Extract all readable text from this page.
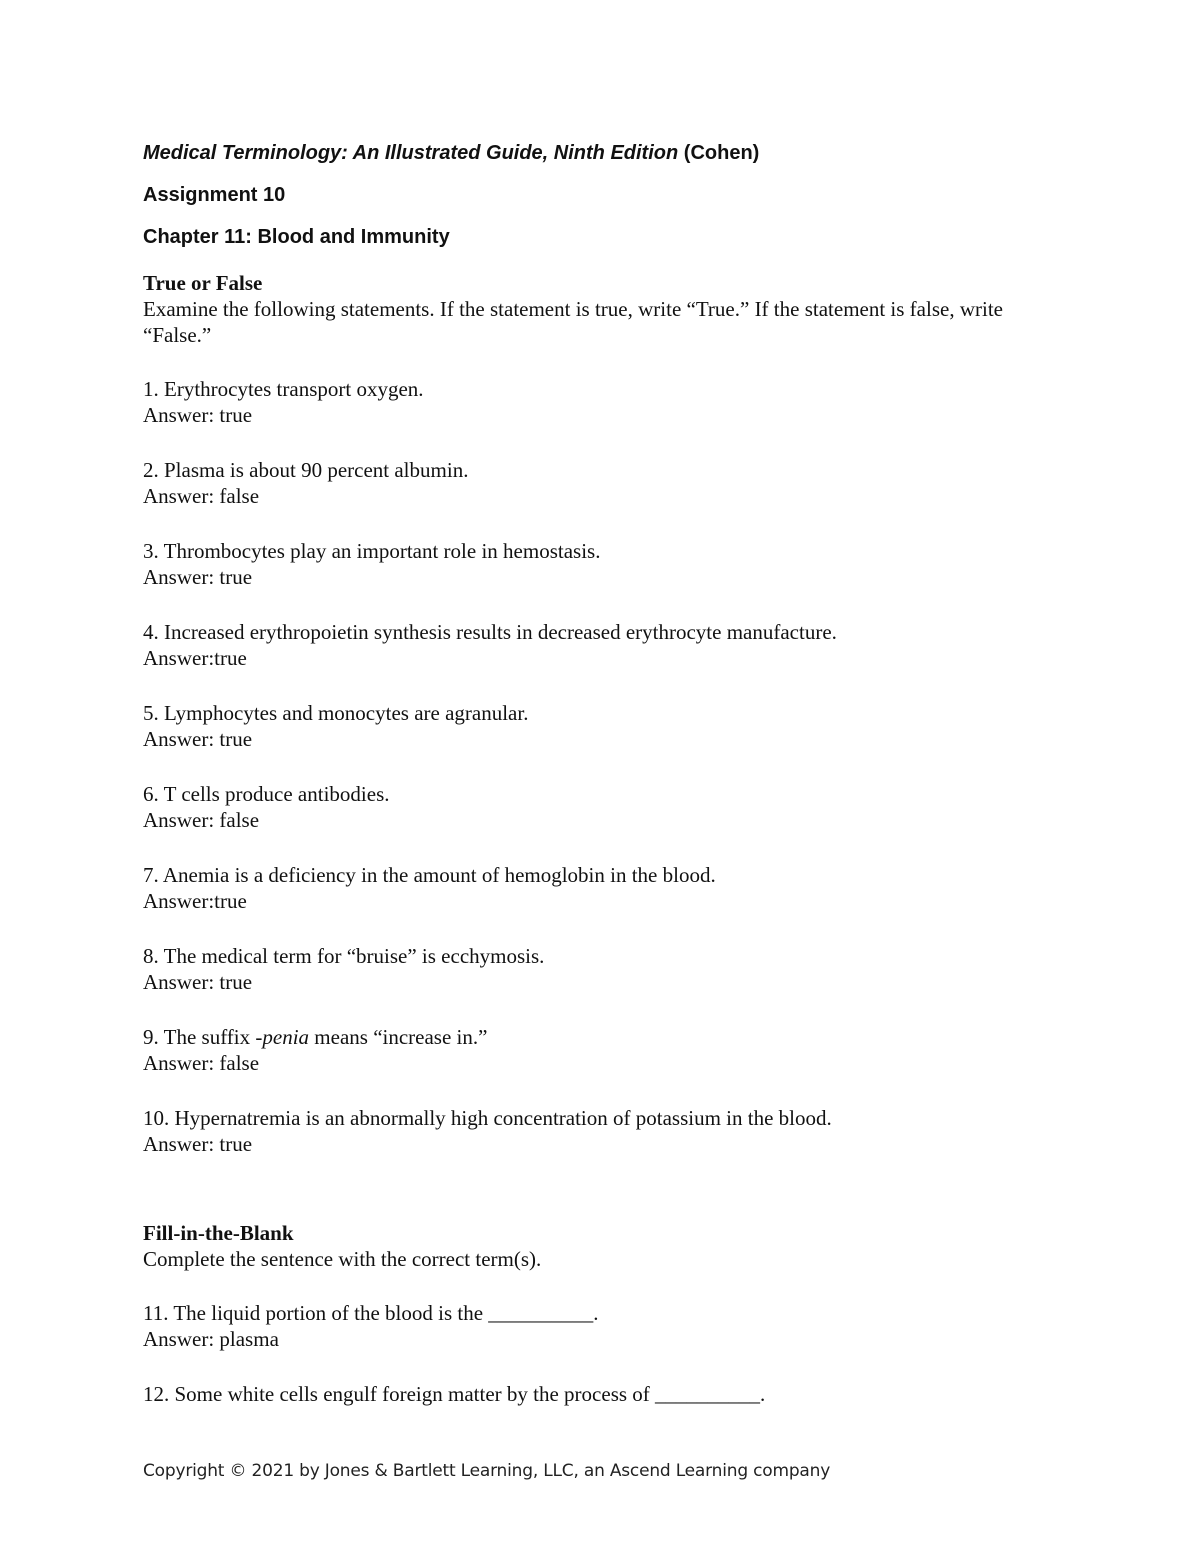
Medical Terminology: An Illustrated Guide, Ninth Edition (Cohen)

Assignment 10

Chapter 11: Blood and Immunity

True or False

Examine the following statements. If the statement is true, write “True.” If the statement is false, write “False.”

1. Erythrocytes transport oxygen.

Answer: true

2. Plasma is about 90 percent albumin.

Answer: false

3. Thrombocytes play an important role in hemostasis.

Answer: true

4. Increased erythropoietin synthesis results in decreased erythrocyte manufacture.

Answer:true

5. Lymphocytes and monocytes are agranular.

Answer: true

6. T cells produce antibodies.

Answer: false

7. Anemia is a deficiency in the amount of hemoglobin in the blood.

Answer:true

8. The medical term for “bruise” is ecchymosis.

Answer: true

9. The suffix -penia means “increase in.”

Answer: false

10. Hypernatremia is an abnormally high concentration of potassium in the blood.

Answer: true

Fill-in-the-Blank

Complete the sentence with the correct term(s).

11. The liquid portion of the blood is the __________.

Answer: plasma

12. Some white cells engulf foreign matter by the process of __________.

Copyright © 2021 by Jones & Bartlett Learning, LLC, an Ascend Learning company
